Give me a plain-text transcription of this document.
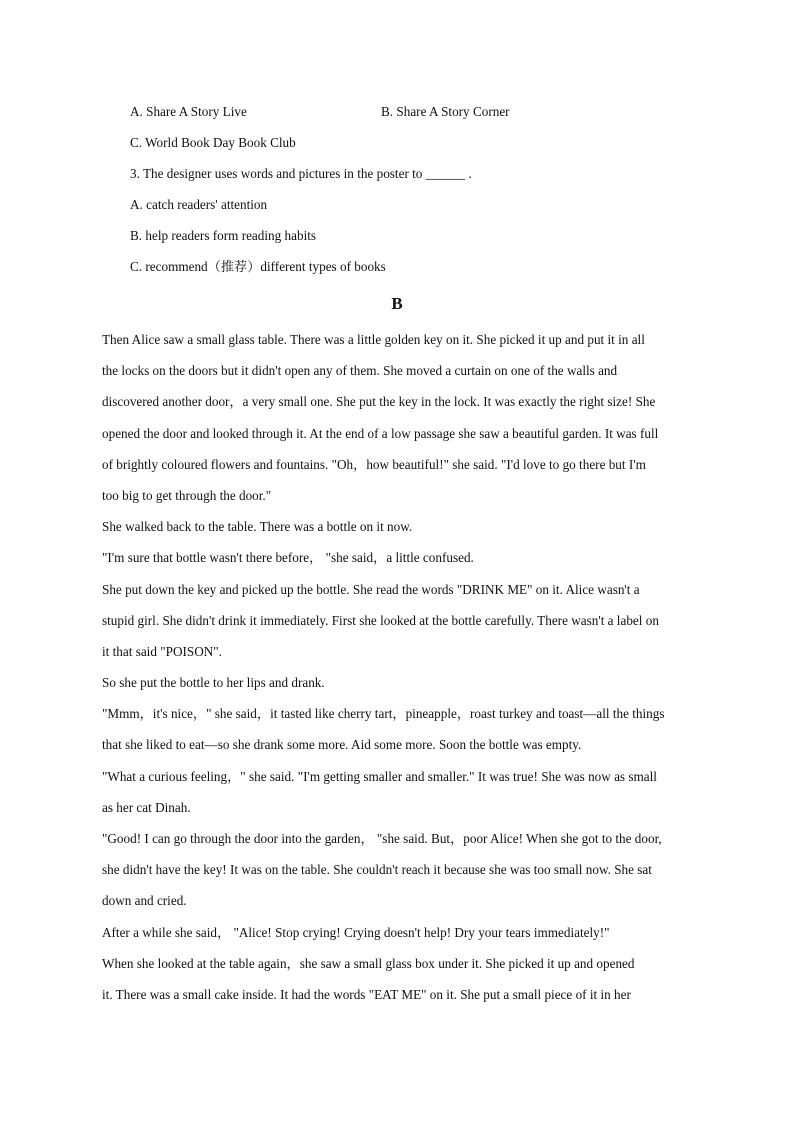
A. Share A Story Live	B. Share A Story Corner
C. World Book Day Book Club
3. The designer uses words and pictures in the poster to ______ .
A. catch readers' attention
B. help readers form reading habits
C. recommend（推荐）different types of books
B
Then Alice saw a small glass table. There was a little golden key on it. She picked it up and put it in all
the locks on the doors but it didn't open any of them. She moved a curtain on one of the walls and
discovered another door，a very small one. She put the key in the lock. It was exactly the right size! She
opened the door and looked through it. At the end of a low passage she saw a beautiful garden. It was full
of brightly coloured flowers and fountains. "Oh，how beautiful!" she said. "I'd love to go there but I'm
too big to get through the door."
She walked back to the table. There was a bottle on it now.
"I'm sure that bottle wasn't there before， "she said，a little confused.
She put down the key and picked up the bottle. She read the words "DRINK ME" on it. Alice wasn't a
stupid girl. She didn't drink it immediately. First she looked at the bottle carefully. There wasn't a label on
it that said "POISON".
So she put the bottle to her lips and drank.
"Mmm，it's nice，" she said，it tasted like cherry tart，pineapple，roast turkey and toast—all the things
that she liked to eat—so she drank some more. Aid some more. Soon the bottle was empty.
"What a curious feeling，" she said. "I'm getting smaller and smaller." It was true! She was now as small
as her cat Dinah.
"Good! I can go through the door into the garden， "she said. But，poor Alice! When she got to the door,
she didn't have the key! It was on the table. She couldn't reach it because she was too small now. She sat
down and cried.
After a while she said， "Alice! Stop crying! Crying doesn't help! Dry your tears immediately!"
When she looked at the table again，she saw a small glass box under it. She picked it up and opened
it. There was a small cake inside. It had the words "EAT ME" on it. She put a small piece of it in her
